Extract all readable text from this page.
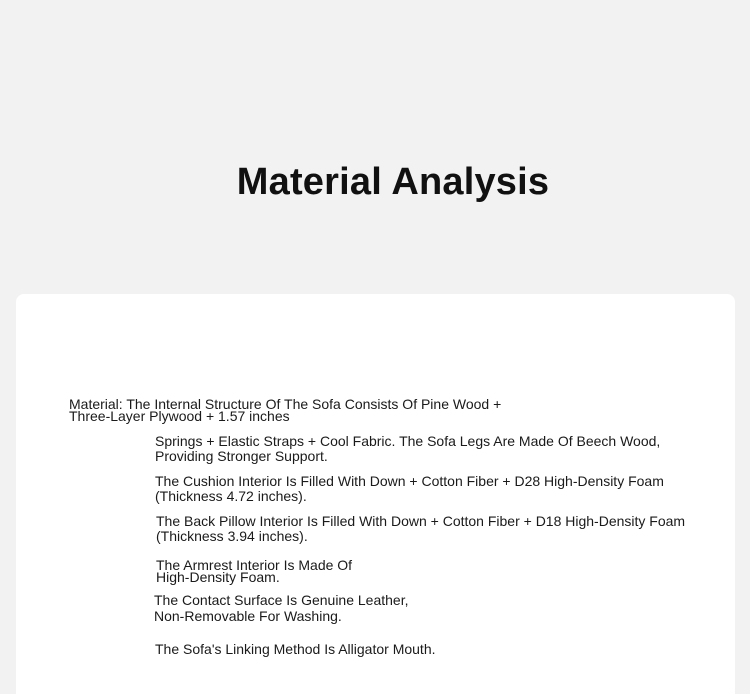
Material Analysis

Material: The Internal Structure Of The Sofa Consists Of Pine Wood +
Three-Layer Plywood + 1.57 inches

Springs + Elastic Straps + Cool Fabric. The Sofa Legs Are Made Of Beech Wood,
Providing Stronger Support.

The Cushion Interior Is Filled With Down + Cotton Fiber + D28 High-Density Foam
(Thickness 4.72 inches).

The Back Pillow Interior Is Filled With Down + Cotton Fiber + D18 High-Density Foam
(Thickness 3.94 inches).

The Armrest Interior Is Made Of
High-Density Foam.

The Contact Surface Is Genuine Leather,
Non-Removable For Washing.

The Sofa's Linking Method Is Alligator Mouth.
